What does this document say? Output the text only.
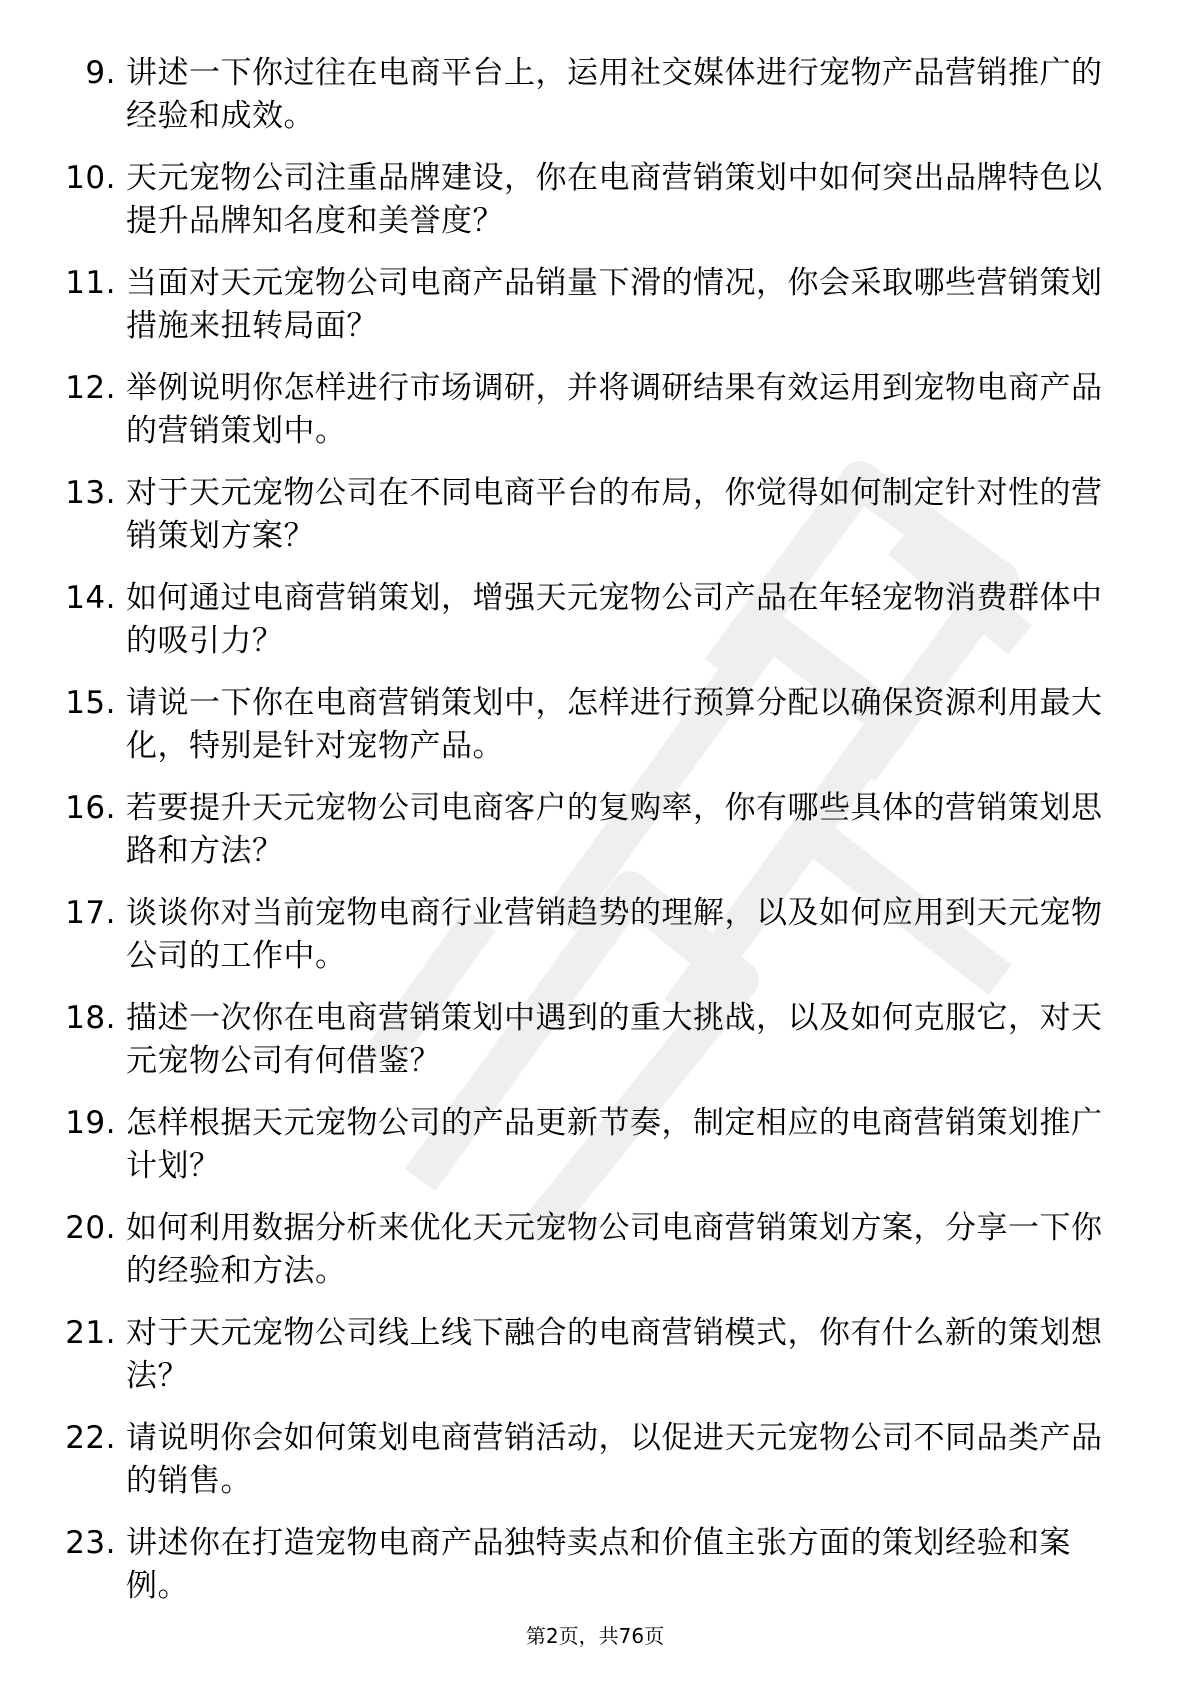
9. 讲述一下你过往在电商平台上，运用社交媒体进行宠物产品营销推广的经验和成效。
10. 天元宠物公司注重品牌建设，你在电商营销策划中如何突出品牌特色以提升品牌知名度和美誉度？
11. 当面对天元宠物公司电商产品销量下滑的情况，你会采取哪些营销策划措施来扭转局面？
12. 举例说明你怎样进行市场调研，并将调研结果有效运用到宠物电商产品的营销策划中。
13. 对于天元宠物公司在不同电商平台的布局，你觉得如何制定针对性的营销策划方案？
14. 如何通过电商营销策划，增强天元宠物公司产品在年轻宠物消费群体中的吸引力？
15. 请说一下你在电商营销策划中，怎样进行预算分配以确保资源利用最大化，特别是针对宠物产品。
16. 若要提升天元宠物公司电商客户的复购率，你有哪些具体的营销策划思路和方法？
17. 谈谈你对当前宠物电商行业营销趋势的理解，以及如何应用到天元宠物公司的工作中。
18. 描述一次你在电商营销策划中遇到的重大挑战，以及如何克服它，对天元宠物公司有何借鉴？
19. 怎样根据天元宠物公司的产品更新节奏，制定相应的电商营销策划推广计划？
20. 如何利用数据分析来优化天元宠物公司电商营销策划方案，分享一下你的经验和方法。
21. 对于天元宠物公司线上线下融合的电商营销模式，你有什么新的策划想法？
22. 请说明你会如何策划电商营销活动，以促进天元宠物公司不同品类产品的销售。
23. 讲述你在打造宠物电商产品独特卖点和价值主张方面的策划经验和案例。
第2页，共76页
